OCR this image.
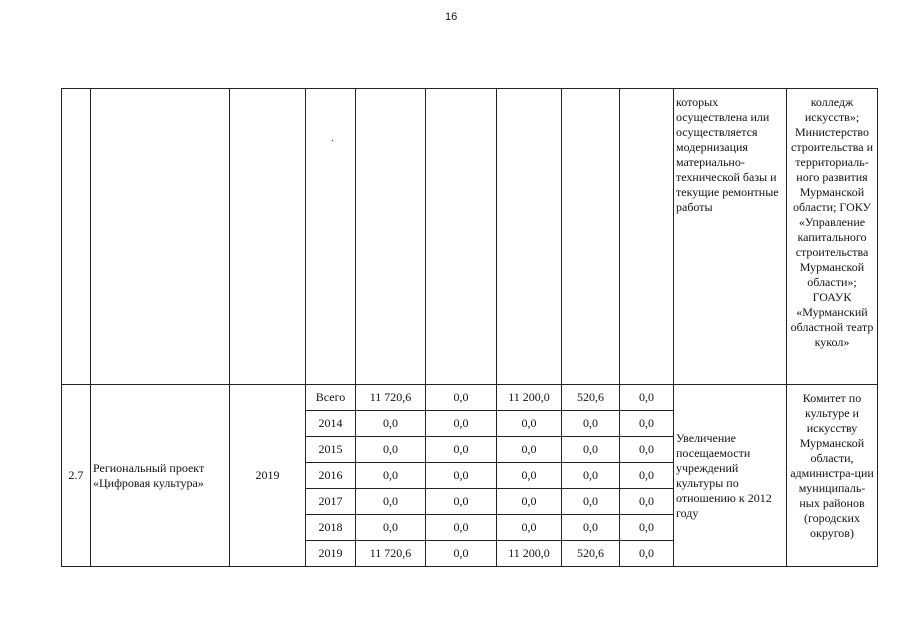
16
									которых осуществлена или осуществляется модернизация материально-технической базы и текущие ремонтные работы	колледж искусств»; Министерство строительства и территориаль-ного развития Мурманской области; ГОКУ «Управление капитального строительства Мурманской области»; ГОАУК «Мурманский областной театр кукол»
2.7	Региональный проект «Цифровая культура»	2019	Всего	11 720,6	0,0	11 200,0	520,6	0,0	Увеличение посещаемости учреждений культуры по отношению к 2012 году	Комитет по культуре и искусству Мурманской области, администра-ции муниципаль-ных районов (городских округов)
			2014	0,0	0,0	0,0	0,0	0,0		
			2015	0,0	0,0	0,0	0,0	0,0		
			2016	0,0	0,0	0,0	0,0	0,0		
			2017	0,0	0,0	0,0	0,0	0,0		
			2018	0,0	0,0	0,0	0,0	0,0		
			2019	11 720,6	0,0	11 200,0	520,6	0,0		
·
